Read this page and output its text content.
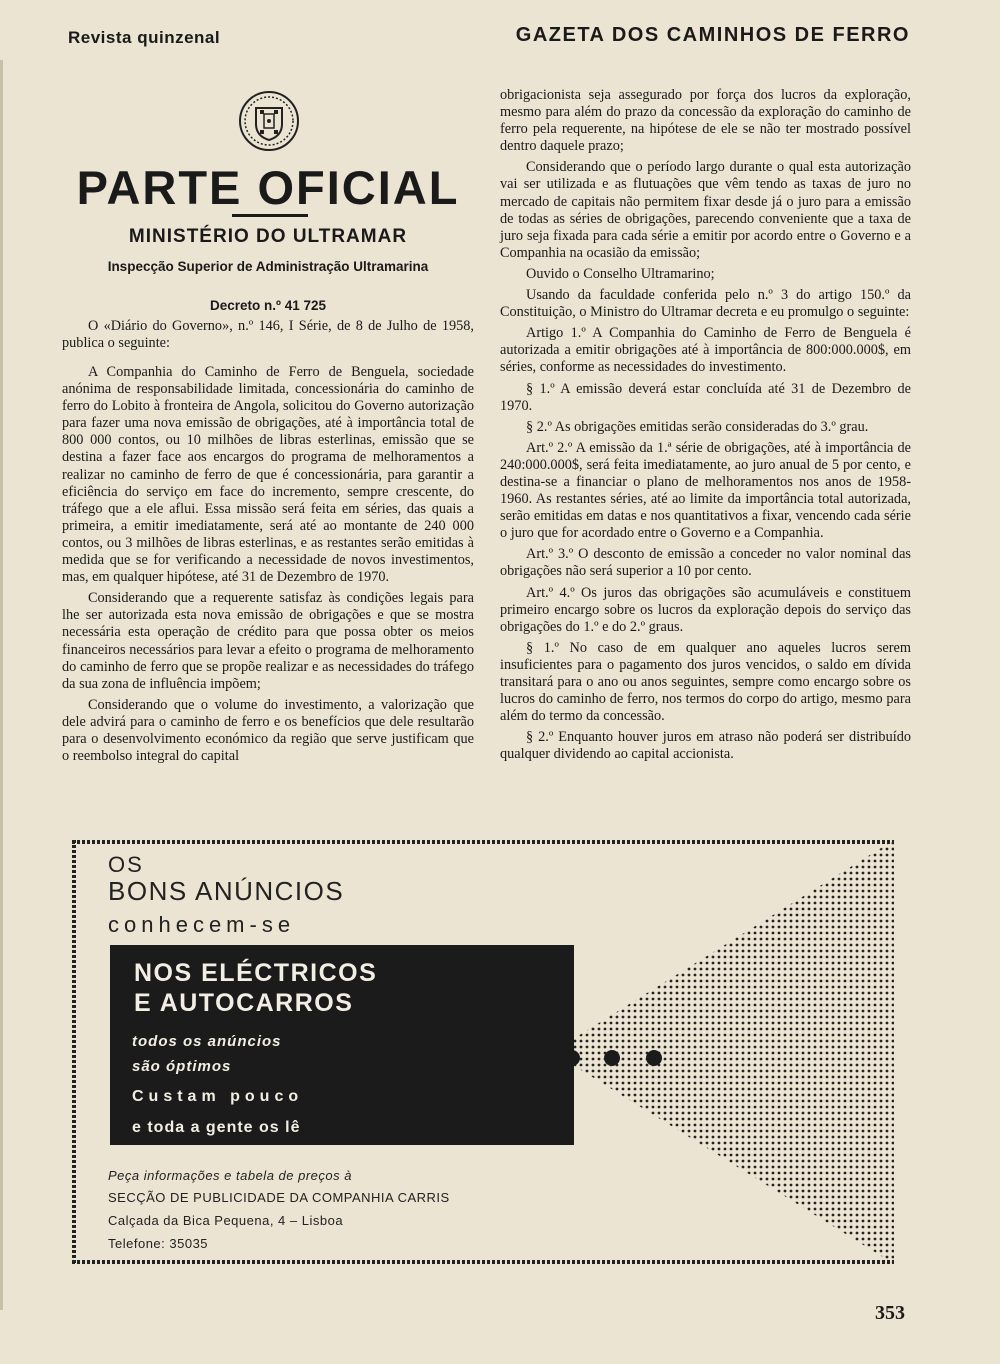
Revista quinzenal	GAZETA DOS CAMINHOS DE FERRO
PARTE OFICIAL
MINISTÉRIO DO ULTRAMAR
Inspecção Superior de Administração Ultramarina
Decreto n.º 41 725

O «Diário do Governo», n.º 146, I Série, de 8 de Julho de 1958, publica o seguinte:

A Companhia do Caminho de Ferro de Benguela, sociedade anónima de responsabilidade limitada, concessionária do caminho de ferro do Lobito à fronteira de Angola, solicitou do Governo autorização para fazer uma nova emissão de obrigações, até à importância total de 800 000 contos, ou 10 milhões de libras esterlinas, emissão que se destina a fazer face aos encargos do programa de melhoramentos a realizar no caminho de ferro de que é concessionária, para garantir a eficiência do serviço em face do incremento, sempre crescente, do tráfego que a ele aflui. Essa missão será feita em séries, das quais a primeira, a emitir imediatamente, será até ao montante de 240 000 contos, ou 3 milhões de libras esterlinas, e as restantes serão emitidas à medida que se for verificando a necessidade de novos investimentos, mas, em qualquer hipótese, até 31 de Dezembro de 1970.

Considerando que a requerente satisfaz às condições legais para lhe ser autorizada esta nova emissão de obrigações e que se mostra necessária esta operação de crédito para que possa obter os meios financeiros necessários para levar a efeito o programa de melhoramento do caminho de ferro que se propõe realizar e as necessidades do tráfego da sua zona de influência impõem;

Considerando que o volume do investimento, a valorização que dele advirá para o caminho de ferro e os benefícios que dele resultarão para o desenvolvimento económico da região que serve justificam que o reembolso integral do capital

obrigacionista seja assegurado por força dos lucros da exploração, mesmo para além do prazo da concessão da exploração do caminho de ferro pela requerente, na hipótese de ele se não ter mostrado possível dentro daquele prazo;

Considerando que o período largo durante o qual esta autorização vai ser utilizada e as flutuações que vêm tendo as taxas de juro no mercado de capitais não permitem fixar desde já o juro para a emissão de todas as séries de obrigações, parecendo conveniente que a taxa de juro seja fixada para cada série a emitir por acordo entre o Governo e a Companhia na ocasião da emissão;

Ouvido o Conselho Ultramarino;

Usando da faculdade conferida pelo n.º 3 do artigo 150.º da Constituição, o Ministro do Ultramar decreta e eu promulgo o seguinte:

Artigo 1.º A Companhia do Caminho de Ferro de Benguela é autorizada a emitir obrigações até à importância de 800:000.000$, em séries, conforme as necessidades do investimento.

§ 1.º A emissão deverá estar concluída até 31 de Dezembro de 1970.

§ 2.º As obrigações emitidas serão consideradas do 3.º grau.

Art.º 2.º A emissão da 1.ª série de obrigações, até à importância de 240:000.000$, será feita imediatamente, ao juro anual de 5 por cento, e destina-se a financiar o plano de melhoramentos nos anos de 1958-1960. As restantes séries, até ao limite da importância total autorizada, serão emitidas em datas e nos quantitativos a fixar, vencendo cada série o juro que for acordado entre o Governo e a Companhia.

Art.º 3.º O desconto de emissão a conceder no valor nominal das obrigações não será superior a 10 por cento.

Art.º 4.º Os juros das obrigações são acumuláveis e constituem primeiro encargo sobre os lucros da exploração depois do serviço das obrigações do 1.º e do 2.º graus.

§ 1.º No caso de em qualquer ano aqueles lucros serem insuficientes para o pagamento dos juros vencidos, o saldo em dívida transitará para o ano ou anos seguintes, sempre como encargo sobre os lucros do caminho de ferro, nos termos do corpo do artigo, mesmo para além do termo da concessão.

§ 2.º Enquanto houver juros em atraso não poderá ser distribuído qualquer dividendo ao capital accionista.

OS
BONS ANÚNCIOS
conhecem-se
NOS ELÉCTRICOS
E AUTOCARROS
todos os anúncios
são óptimos
Custam pouco
e toda a gente os lê
Peça informações e tabela de preços à
SECÇÃO DE PUBLICIDADE DA COMPANHIA CARRIS
Calçada da Bica Pequena, 4 – Lisboa
Telefone: 35035
353
